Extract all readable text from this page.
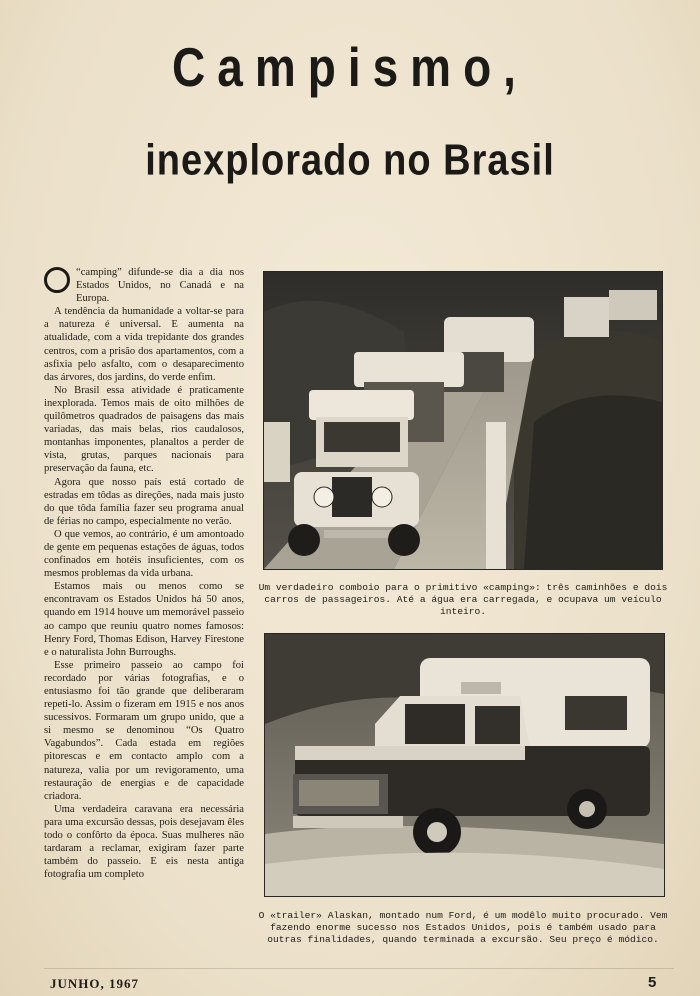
Campismo,
inexplorado no Brasil

“camping” difunde-se dia a dia nos Estados Unidos, no Canadá e na Europa.

A tendência da humanidade a voltar-se para a natureza é universal. E aumenta na atualidade, com a vida trepidante dos grandes centros, com a prisão dos apartamentos, com a asfixia pelo asfalto, com o desaparecimento das árvores, dos jardins, do verde enfim.

No Brasil essa atividade é praticamente inexplorada. Temos mais de oito milhões de quilômetros quadrados de paisagens das mais variadas, das mais belas, rios caudalosos, montanhas imponentes, planaltos a perder de vista, grutas, parques nacionais para preservação da fauna, etc.

Agora que nosso país está cortado de estradas em tôdas as direções, nada mais justo do que tôda família fazer seu programa anual de férias no campo, especialmente no verão.

O que vemos, ao contrário, é um amontoado de gente em pequenas estações de águas, todos confinados em hotéis insuficientes, com os mesmos problemas da vida urbana.

Estamos mais ou menos como se encontravam os Estados Unidos há 50 anos, quando em 1914 houve um memorável passeio ao campo que reuniu quatro nomes famosos: Henry Ford, Thomas Edison, Harvey Firestone e o naturalista John Burroughs.

Esse primeiro passeio ao campo foi recordado por várias fotografias, e o entusiasmo foi tão grande que deliberaram repeti-lo. Assim o fizeram em 1915 e nos anos sucessivos. Formaram um grupo unido, que a si mesmo se denominou “Os Quatro Vagabundos”. Cada estada em regiões pitorescas e em contacto amplo com a natureza, valia por um revigoramento, uma restauração de energias e de capacidade criadora.

Uma verdadeira caravana era necessária para uma excursão dessas, pois desejavam êles todo o confôrto da época. Suas mulheres não tardaram a reclamar, exigiram fazer parte também do passeio. E eis nesta antiga fotografia um completo

Um verdadeiro comboio para o primitivo «camping»: três caminhões e dois carros de passageiros. Até a água era carregada, e ocupava um veículo inteiro.
O «trailer» Alaskan, montado num Ford, é um modêlo muito procurado. Vem fazendo enorme sucesso nos Estados Unidos, pois é também usado para outras finalidades, quando terminada a excursão. Seu preço é módico.
JUNHO, 1967	5
